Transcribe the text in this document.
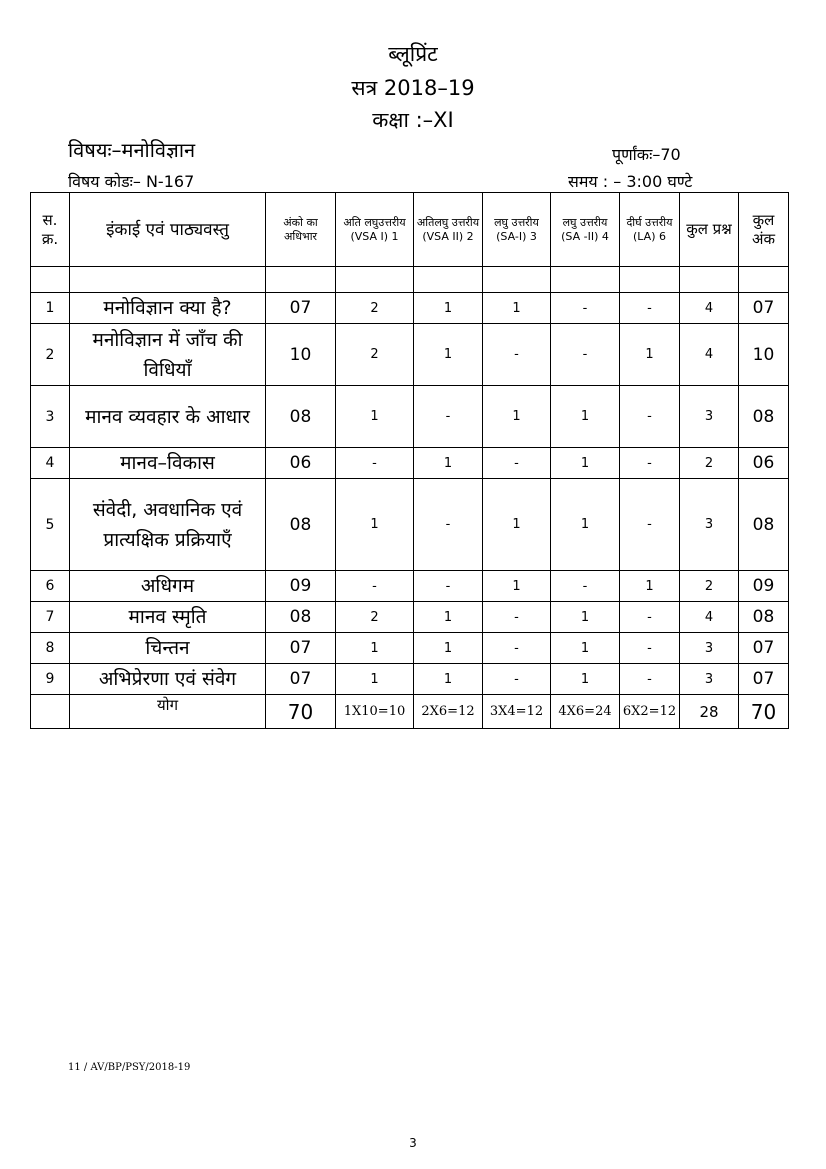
ब्लूप्रिंट
सत्र 2018–19
कक्षा :–XI
विषयः–मनोविज्ञान	पूर्णांकः–70
विषय कोडः– N-167	समय : – 3:00 घण्टे
स. क्र.	इंकाई एवं पाठ्यवस्तु	अंको का अधिभार	अति लघुउत्तरीय (VSA I) 1	अतिलघु उत्तरीय (VSA II) 2	लघु उत्तरीय (SA-I) 3	लघु उत्तरीय (SA -II) 4	दीर्घ उत्तरीय (LA) 6	कुल प्रश्न	कुल अंक

1	मनोविज्ञान क्या है?	07	2	1	1	-	-	4	07
2	मनोविज्ञान में जाँच की विधियाँ	10	2	1	-	-	1	4	10
3	मानव व्यवहार के आधार	08	1	-	1	1	-	3	08
4	मानव–विकास	06	-	1	-	1	-	2	06
5	संवेदी, अवधानिक एवं प्रात्यक्षिक प्रक्रियाएँ	08	1	-	1	1	-	3	08
6	अधिगम	09	-	-	1	-	1	2	09
7	मानव स्मृति	08	2	1	-	1	-	4	08
8	चिन्तन	07	1	1	-	1	-	3	07
9	अभिप्रेरणा एवं संवेग	07	1	1	-	1	-	3	07
	योग	70	1X10=10	2X6=12	3X4=12	4X6=24	6X2=12	28	70
11 / AV/BP/PSY/2018-19
3
